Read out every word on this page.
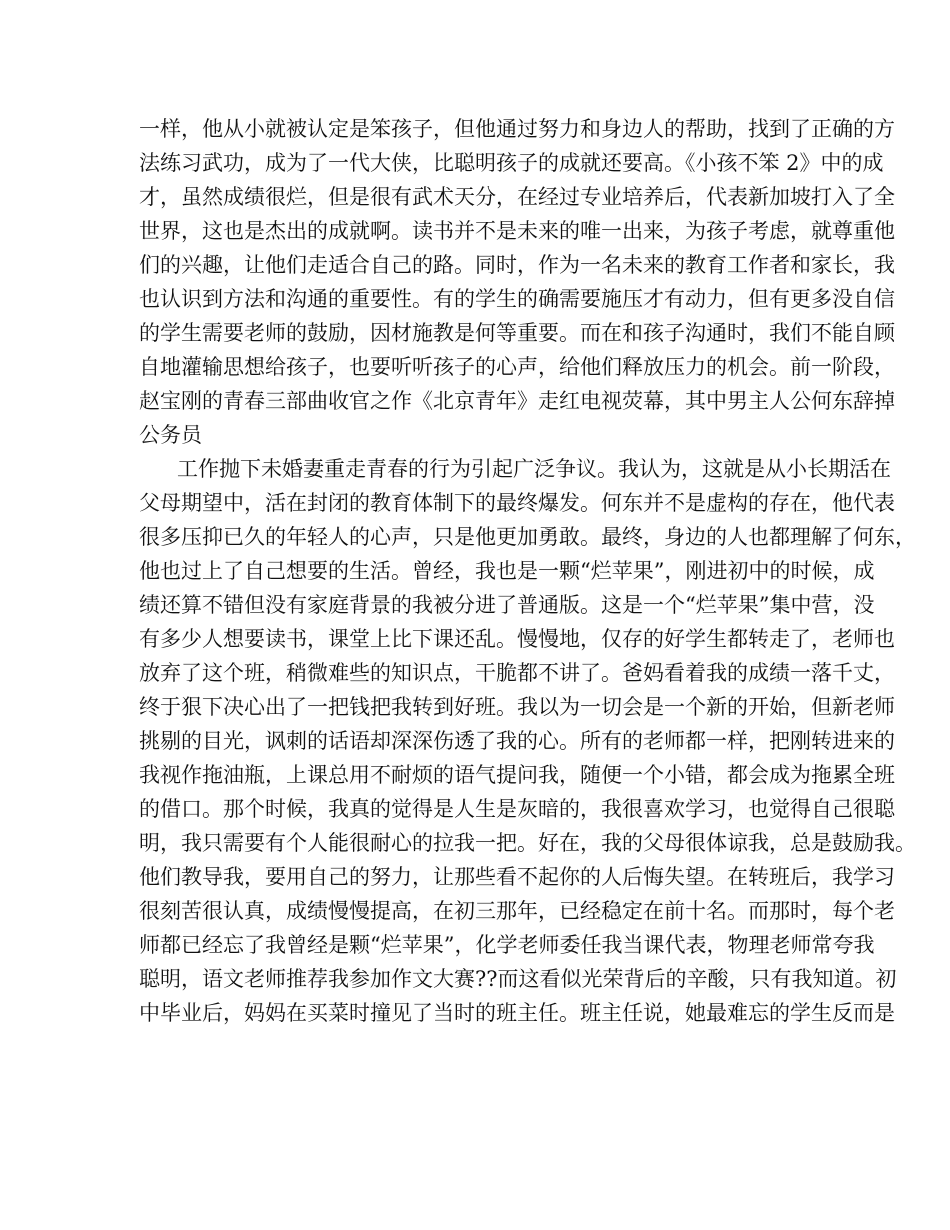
一样，他从小就被认定是笨孩子，但他通过努力和身边人的帮助，找到了正确的方
法练习武功，成为了一代大侠，比聪明孩子的成就还要高。《小孩不笨 2》中的成
才，虽然成绩很烂，但是很有武术天分，在经过专业培养后，代表新加坡打入了全
世界，这也是杰出的成就啊。读书并不是未来的唯一出来，为孩子考虑，就尊重他
们的兴趣，让他们走适合自己的路。同时，作为一名未来的教育工作者和家长，我
也认识到方法和沟通的重要性。有的学生的确需要施压才有动力，但有更多没自信
的学生需要老师的鼓励，因材施教是何等重要。而在和孩子沟通时，我们不能自顾
自地灌输思想给孩子，也要听听孩子的心声，给他们释放压力的机会。前一阶段，
赵宝刚的青春三部曲收官之作《北京青年》走红电视荧幕，其中男主人公何东辞掉
公务员
工作抛下未婚妻重走青春的行为引起广泛争议。我认为，这就是从小长期活在
父母期望中，活在封闭的教育体制下的最终爆发。何东并不是虚构的存在，他代表
很多压抑已久的年轻人的心声，只是他更加勇敢。最终，身边的人也都理解了何东，
他也过上了自己想要的生活。曾经，我也是一颗“烂苹果”，刚进初中的时候，成
绩还算不错但没有家庭背景的我被分进了普通版。这是一个“烂苹果”集中营，没
有多少人想要读书，课堂上比下课还乱。慢慢地，仅存的好学生都转走了，老师也
放弃了这个班，稍微难些的知识点，干脆都不讲了。爸妈看着我的成绩一落千丈，
终于狠下决心出了一把钱把我转到好班。我以为一切会是一个新的开始，但新老师
挑剔的目光，讽刺的话语却深深伤透了我的心。所有的老师都一样，把刚转进来的
我视作拖油瓶，上课总用不耐烦的语气提问我，随便一个小错，都会成为拖累全班
的借口。那个时候，我真的觉得是人生是灰暗的，我很喜欢学习，也觉得自己很聪
明，我只需要有个人能很耐心的拉我一把。好在，我的父母很体谅我，总是鼓励我。
他们教导我，要用自己的努力，让那些看不起你的人后悔失望。在转班后，我学习
很刻苦很认真，成绩慢慢提高，在初三那年，已经稳定在前十名。而那时，每个老
师都已经忘了我曾经是颗“烂苹果”，化学老师委任我当课代表，物理老师常夸我
聪明，语文老师推荐我参加作文大赛??而这看似光荣背后的辛酸，只有我知道。初
中毕业后，妈妈在买菜时撞见了当时的班主任。班主任说，她最难忘的学生反而是
